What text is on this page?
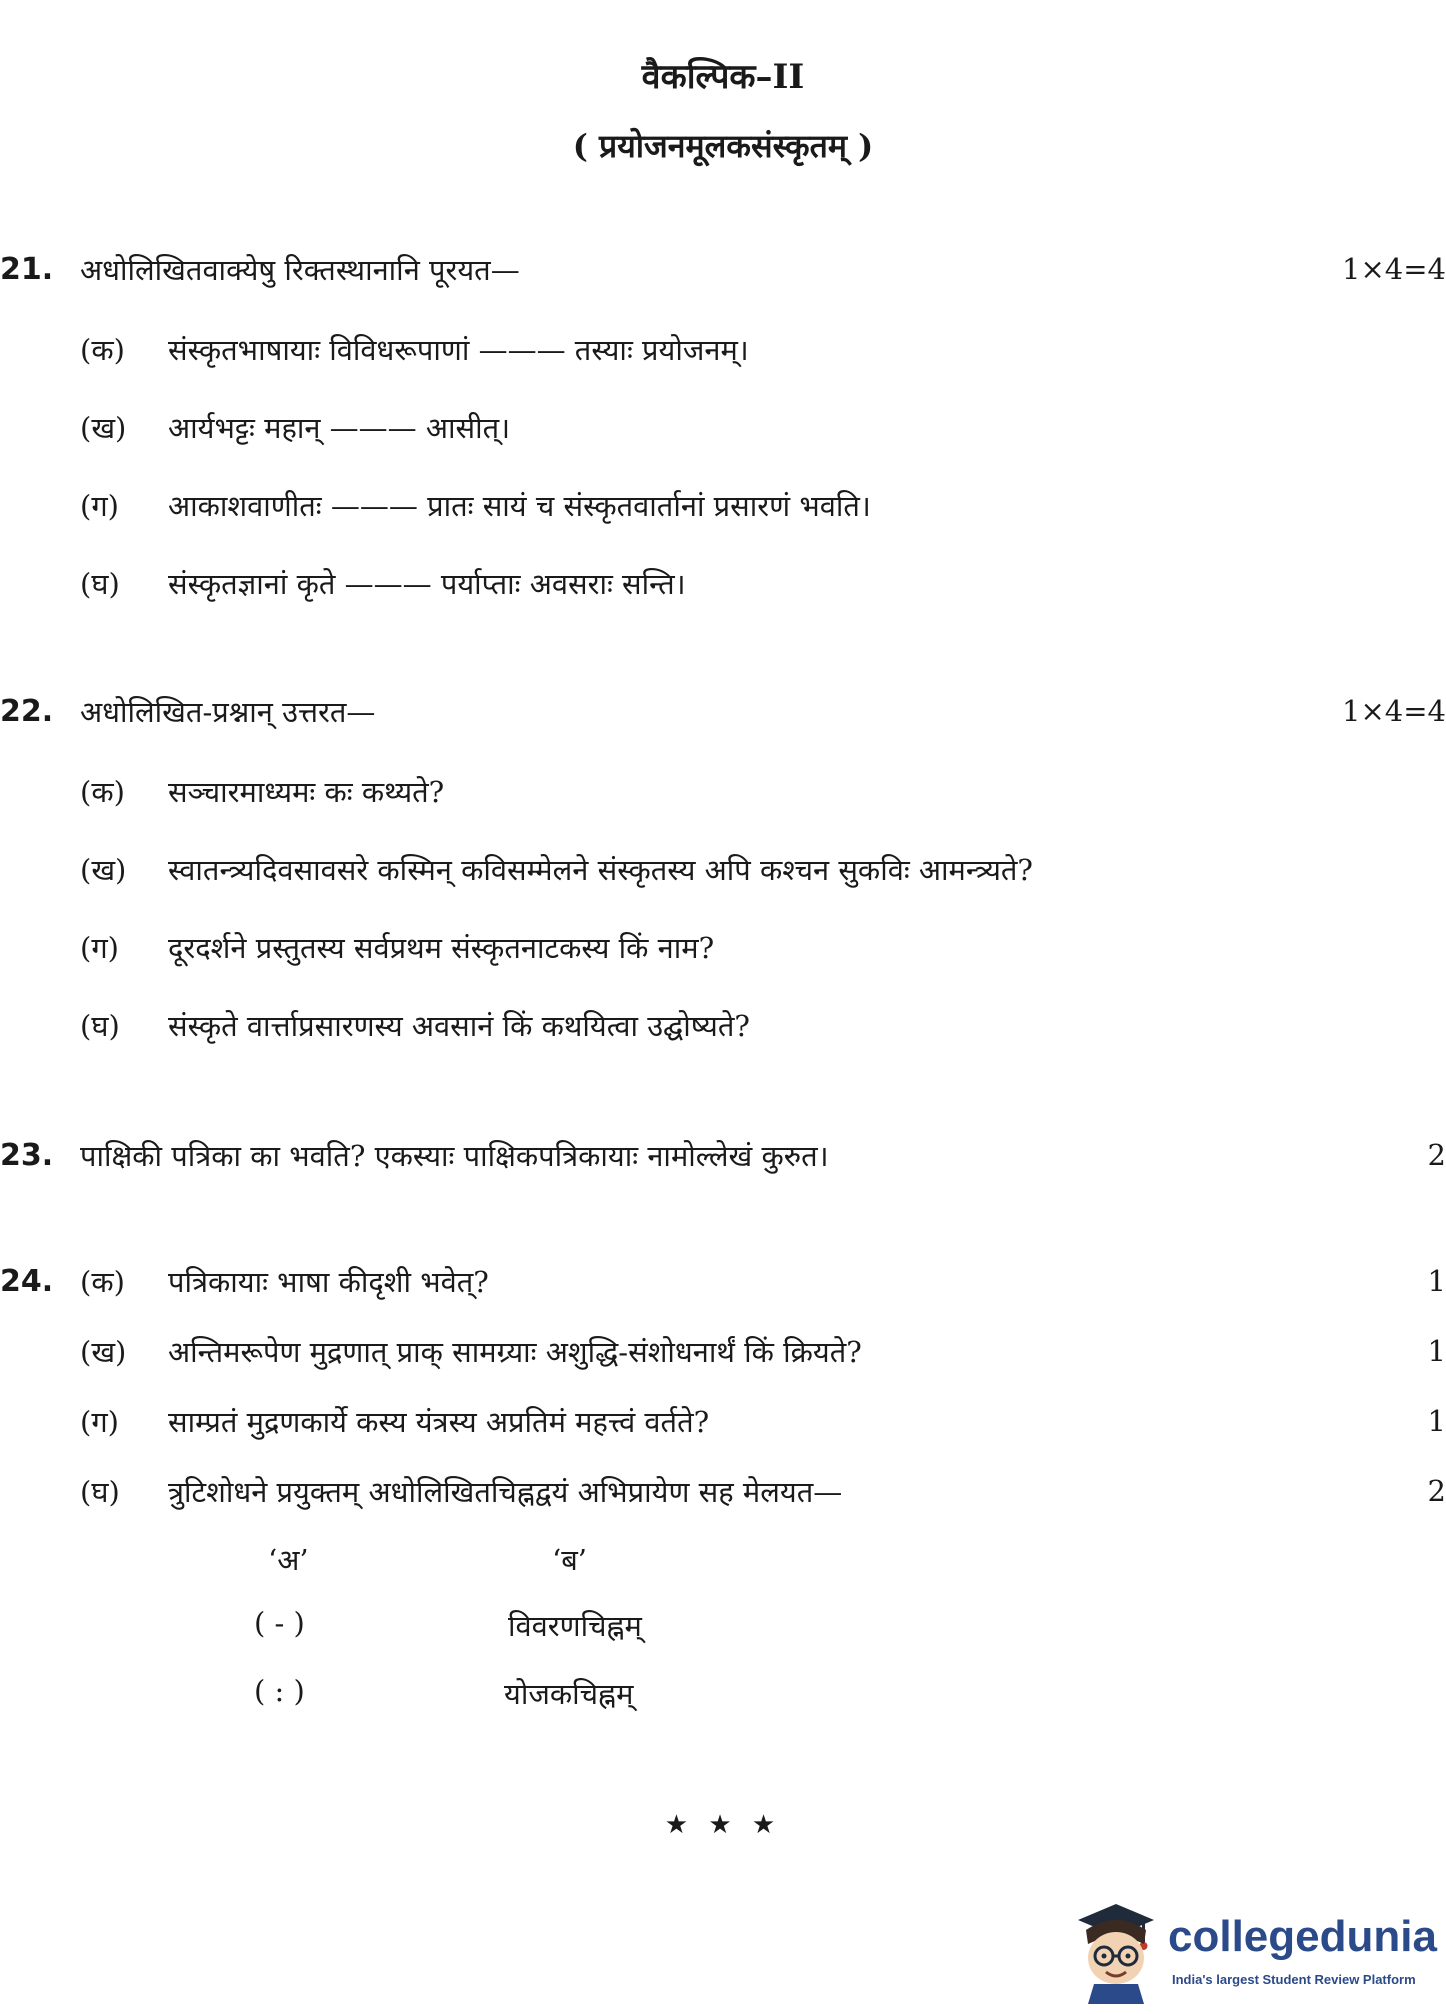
वैकल्पिक–II
( प्रयोजनमूलकसंस्कृतम् )
21. अधोलिखितवाक्येषु रिक्तस्थानानि पूरयत—	1×4=4
(क) संस्कृतभाषायाः विविधरूपाणां ——— तस्याः प्रयोजनम्।
(ख) आर्यभट्टः महान् ——— आसीत्।
(ग) आकाशवाणीतः ——— प्रातः सायं च संस्कृतवार्तानां प्रसारणं भवति।
(घ) संस्कृतज्ञानां कृते ——— पर्याप्ताः अवसराः सन्ति।
22. अधोलिखित-प्रश्नान् उत्तरत—	1×4=4
(क) सञ्चारमाध्यमः कः कथ्यते?
(ख) स्वातन्त्र्यदिवसावसरे कस्मिन् कविसम्मेलने संस्कृतस्य अपि कश्चन सुकविः आमन्त्र्यते?
(ग) दूरदर्शने प्रस्तुतस्य सर्वप्रथम संस्कृतनाटकस्य किं नाम?
(घ) संस्कृते वार्त्ताप्रसारणस्य अवसानं किं कथयित्वा उद्घोष्यते?
23. पाक्षिकी पत्रिका का भवति? एकस्याः पाक्षिकपत्रिकायाः नामोल्लेखं कुरुत।	2
24. (क) पत्रिकायाः भाषा कीदृशी भवेत्?	1
(ख) अन्तिमरूपेण मुद्रणात् प्राक् सामग्र्याः अशुद्धि-संशोधनार्थं किं क्रियते?	1
(ग) साम्प्रतं मुद्रणकार्ये कस्य यंत्रस्य अप्रतिमं महत्त्वं वर्तते?	1
(घ) त्रुटिशोधने प्रयुक्तम् अधोलिखितचिह्नद्वयं अभिप्रायेण सह मेलयत—	2
‘अ’	‘ब’
( - )	विवरणचिह्नम्
( : )	योजकचिह्नम्
★ ★ ★
collegedunia
India's largest Student Review Platform
